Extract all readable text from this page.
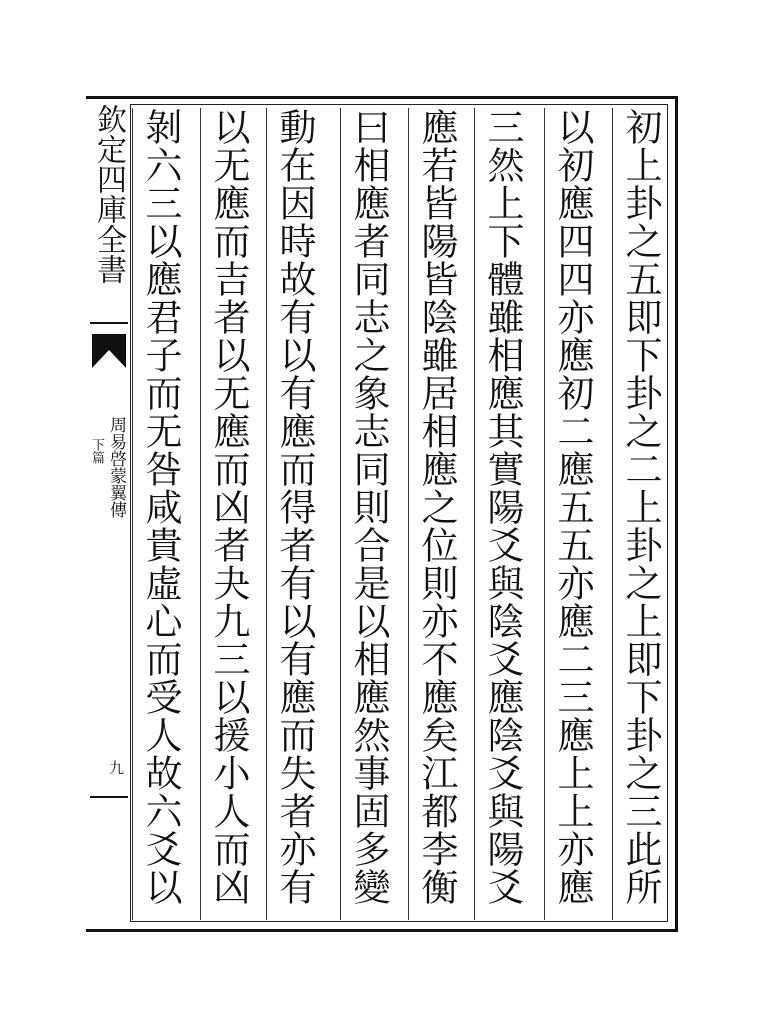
初上卦之五即下卦之二上卦之上即下卦之三此所
以初應四四亦應初二應五五亦應二三應上上亦應
三然上下體雖相應其實陽爻與陰爻應陰爻與陽爻
應若皆陽皆陰雖居相應之位則亦不應矣江都李衡
曰相應者同志之象志同則合是以相應然事固多變
動在因時故有以有應而得者有以有應而失者亦有
以无應而吉者以无應而凶者夬九三以援小人而凶
剝六三以應君子而无咎咸貴虛心而受人故六爻以
欽定四庫全書
周易啓蒙翼傳
下篇
九
